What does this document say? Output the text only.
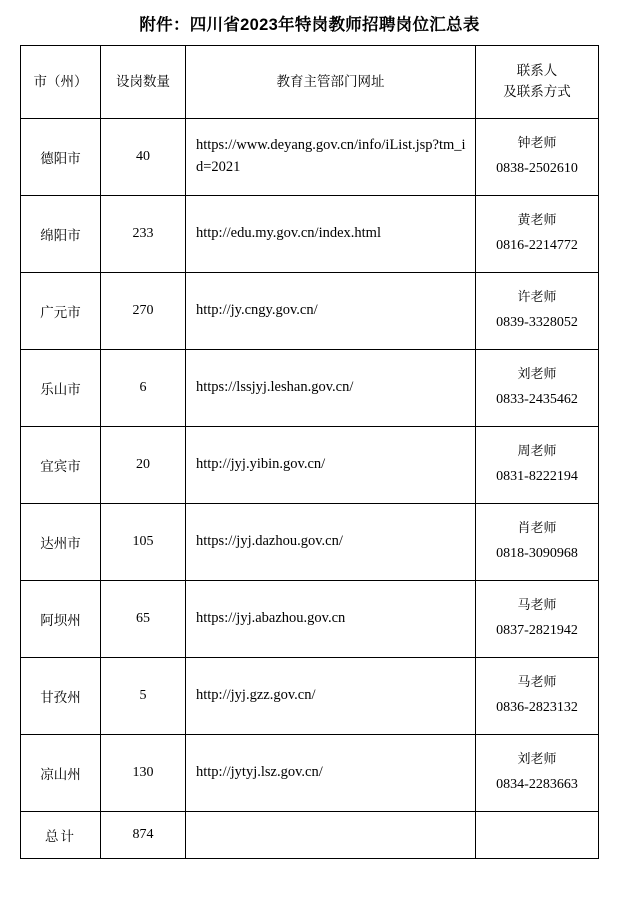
附件：四川省2023年特岗教师招聘岗位汇总表
市（州）	设岗数量	教育主管部门网址	联系人
及联系方式

德阳市	40	https://www.deyang.gov.cn/info/iList.jsp?tm_id=2021	钟老师
0838-2502610

绵阳市	233	http://edu.my.gov.cn/index.html	黄老师
0816-2214772

广元市	270	http://jy.cngy.gov.cn/	许老师
0839-3328052

乐山市	6	https://lssjyj.leshan.gov.cn/	刘老师
0833-2435462

宜宾市	20	http://jyj.yibin.gov.cn/	周老师
0831-8222194

达州市	105	https://jyj.dazhou.gov.cn/	肖老师
0818-3090968

阿坝州	65	https://jyj.abazhou.gov.cn	马老师
0837-2821942

甘孜州	5	http://jyj.gzz.gov.cn/	马老师
0836-2823132

凉山州	130	http://jytyj.lsz.gov.cn/	刘老师
0834-2283663

总计	874		
